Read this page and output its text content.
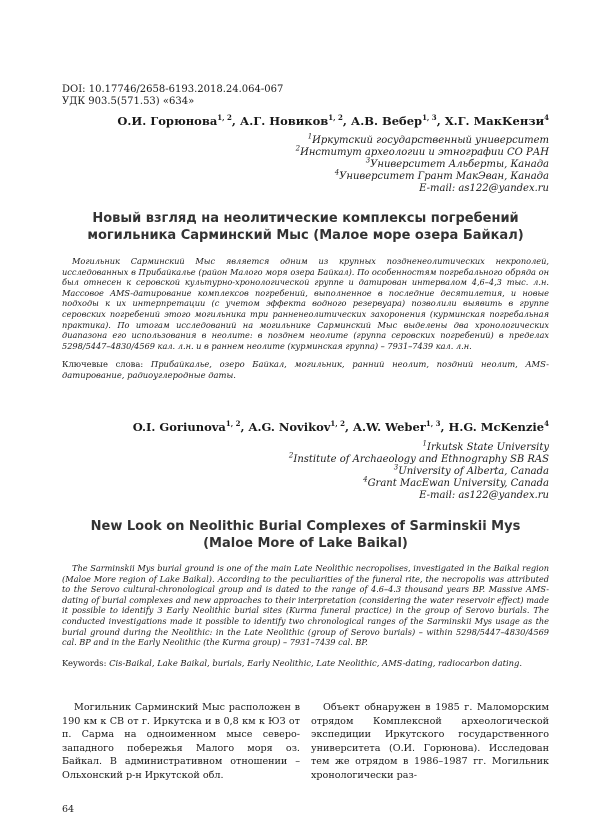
DOI: 10.17746/2658-6193.2018.24.064-067
УДК 903.5(571.53) «634»
О.И. Горюнова$^{1, 2}$, А.Г. Новиков$^{1, 2}$, А.В. Вебер$^{1, 3}$, Х.Г. МакКензи$^4$
$^1$Иркутский государственный университет
$^2$Институт археологии и этнографии СО РАН
$^3$Университет Альберты, Канада
$^4$Университет Грант МакЭван, Канада
E-mail: as122@yandex.ru
Новый взгляд на неолитические комплексы погребений
могильника Сарминский Мыс (Малое море озера Байкал)
Могильник Сарминский Мыс является одним из крупных поздненеолитических некрополей, исследованных в Прибайкалье (район Малого моря озера Байкал). По особенностям погребального обряда он был отнесен к серовской культурно-хронологической группе и датирован интервалом 4,6–4,3 тыс. л.н. Массовое AMS-датирование комплексов погребений, выполненное в последние десятилетия, и новые подходы к их интерпретации (с учетом эффекта водного резервуара) позволили выявить в группе серовских погребений этого могильника три ранненеолитических захоронения (курминская погребальная практика). По итогам исследований на могильнике Сарминский Мыс выделены два хронологических диапазона его использования в неолите: в позднем неолите (группа серовских погребений) в пределах 5298/5447–4830/4569 кал. л.н. и в раннем неолите (курминская группа) – 7931–7439 кал. л.н.
Ключевые слова: Прибайкалье, озеро Байкал, могильник, ранний неолит, поздний неолит, AMS-датирование, радиоуглеродные даты.
O.I. Goriunova$^{1, 2}$, A.G. Novikov$^{1, 2}$, A.W. Weber$^{1, 3}$, H.G. McKenzie$^4$
$^1$Irkutsk State University
$^2$Institute of Archaeology and Ethnography SB RAS
$^3$University of Alberta, Canada
$^4$Grant MacEwan University, Canada
E-mail: as122@yandex.ru
New Look on Neolithic Burial Complexes of Sarminskii Mys
(Maloe More of Lake Baikal)
The Sarminskii Mys burial ground is one of the main Late Neolithic necropolises, investigated in the Baikal region (Maloe More region of Lake Baikal). According to the peculiarities of the funeral rite, the necropolis was attributed to the Serovo cultural-chronological group and is dated to the range of 4.6–4.3 thousand years BP. Massive AMS-dating of burial complexes and new approaches to their interpretation (considering the water reservoir effect) made it possible to identify 3 Early Neolithic burial sites (Kurma funeral practice) in the group of Serovo burials. The conducted investigations made it possible to identify two chronological ranges of the Sarminskii Mys usage as the burial ground during the Neolithic: in the Late Neolithic (group of Serovo burials) – within 5298/5447–4830/4569 cal. BP and in the Early Neolithic (the Kurma group) – 7931–7439 cal. BP.
Keywords: Cis-Baikal, Lake Baikal, burials, Early Neolithic, Late Neolithic, AMS-dating, radiocarbon dating.
Могильник Сарминский Мыс расположен в 190 км к СВ от г. Иркутска и в 0,8 км к ЮЗ от п. Сарма на одноименном мысе северо-западного побережья Малого моря оз. Байкал. В административном отношении – Ольхонский р-н Иркутской обл.
Объект обнаружен в 1985 г. Маломорским отрядом Комплексной археологической экспедиции Иркутского государственного университета (О.И. Горюнова). Исследован тем же отрядом в 1986–1987 гг. Могильник хронологически раз-
64
